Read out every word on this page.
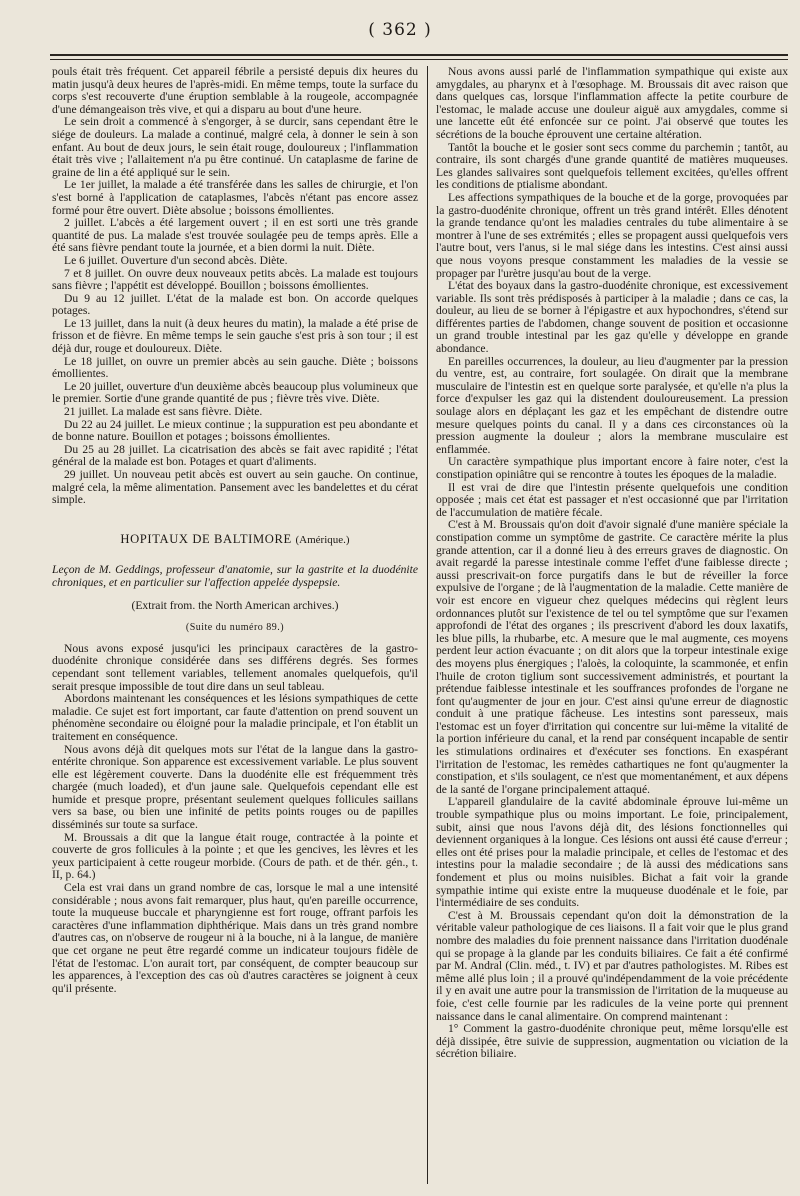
( 362 )

pouls était très fréquent. Cet appareil fébrile a persisté depuis dix heures du matin jusqu'à deux heures de l'après-midi. En même temps, toute la surface du corps s'est recouverte d'une éruption semblable à la rougeole, accompagnée d'une démangeaison très vive, et qui a disparu au bout d'une heure.

Le sein droit a commencé à s'engorger, à se durcir, sans cependant être le siége de douleurs. La malade a continué, malgré cela, à donner le sein à son enfant. Au bout de deux jours, le sein était rouge, douloureux ; l'inflammation était très vive ; l'allaitement n'a pu être continué. Un cataplasme de farine de graine de lin a été appliqué sur le sein.

Le 1er juillet, la malade a été transférée dans les salles de chirurgie, et l'on s'est borné à l'application de cataplasmes, l'abcès n'étant pas encore assez formé pour être ouvert. Diète absolue ; boissons émollientes.

2 juillet. L'abcès a été largement ouvert ; il en est sorti une très grande quantité de pus. La malade s'est trouvée soulagée peu de temps après. Elle a été sans fièvre pendant toute la journée, et a bien dormi la nuit. Diète.

Le 6 juillet. Ouverture d'un second abcès. Diète.

7 et 8 juillet. On ouvre deux nouveaux petits abcès. La malade est toujours sans fièvre ; l'appétit est développé. Bouillon ; boissons émollientes.

Du 9 au 12 juillet. L'état de la malade est bon. On accorde quelques potages.

Le 13 juillet, dans la nuit (à deux heures du matin), la malade a été prise de frisson et de fièvre. En même temps le sein gauche s'est pris à son tour ; il est déjà dur, rouge et douloureux. Diète.

Le 18 juillet, on ouvre un premier abcès au sein gauche. Diète ; boissons émollientes.

Le 20 juillet, ouverture d'un deuxième abcès beaucoup plus volumineux que le premier. Sortie d'une grande quantité de pus ; fièvre très vive. Diète.

21 juillet. La malade est sans fièvre. Diète.

Du 22 au 24 juillet. Le mieux continue ; la suppuration est peu abondante et de bonne nature. Bouillon et potages ; boissons émollientes.

Du 25 au 28 juillet. La cicatrisation des abcès se fait avec rapidité ; l'état général de la malade est bon. Potages et quart d'aliments.

29 juillet. Un nouveau petit abcès est ouvert au sein gauche. On continue, malgré cela, la même alimentation. Pansement avec les bandelettes et du cérat simple.

HOPITAUX DE BALTIMORE (Amérique.)

Leçon de M. Geddings, professeur d'anatomie, sur la gastrite et la duodénite chroniques, et en particulier sur l'affection appelée dyspepsie.

(Extrait from. the North American archives.)

(Suite du numéro 89.)

Nous avons exposé jusqu'ici les principaux caractères de la gastro-duodénite chronique considérée dans ses différens degrés. Ses formes cependant sont tellement variables, tellement anomales quelquefois, qu'il serait presque impossible de tout dire dans un seul tableau.

Abordons maintenant les conséquences et les lésions sympathiques de cette maladie. Ce sujet est fort important, car faute d'attention on prend souvent un phénomène secondaire ou éloigné pour la maladie principale, et l'on établit un traitement en conséquence.

Nous avons déjà dit quelques mots sur l'état de la langue dans la gastro-entérite chronique. Son apparence est excessivement variable. Le plus souvent elle est légèrement couverte. Dans la duodénite elle est fréquemment très chargée (much loaded), et d'un jaune sale. Quelquefois cependant elle est humide et presque propre, présentant seulement quelques follicules saillans vers sa base, ou bien une infinité de petits points rouges ou de papilles disséminés sur toute sa surface.

M. Broussais a dit que la langue était rouge, contractée à la pointe et couverte de gros follicules à la pointe ; et que les gencives, les lèvres et les yeux participaient à cette rougeur morbide. (Cours de path. et de thér. gén., t. II, p. 64.)

Cela est vrai dans un grand nombre de cas, lorsque le mal a une intensité considérable ; nous avons fait remarquer, plus haut, qu'en pareille occurrence, toute la muqueuse buccale et pharyngienne est fort rouge, offrant parfois les caractères d'une inflammation diphthérique. Mais dans un très grand nombre d'autres cas, on n'observe de rougeur ni à la bouche, ni à la langue, de manière que cet organe ne peut être regardé comme un indicateur toujours fidèle de l'état de l'estomac. L'on aurait tort, par conséquent, de compter beaucoup sur les apparences, à l'exception des cas où d'autres caractères se joignent à ceux qu'il présente.

Nous avons aussi parlé de l'inflammation sympathique qui existe aux amygdales, au pharynx et à l'œsophage. M. Broussais dit avec raison que dans quelques cas, lorsque l'inflammation affecte la petite courbure de l'estomac, le malade accuse une douleur aiguë aux amygdales, comme si une lancette eût été enfoncée sur ce point. J'ai observé que toutes les sécrétions de la bouche éprouvent une certaine altération.

Tantôt la bouche et le gosier sont secs comme du parchemin ; tantôt, au contraire, ils sont chargés d'une grande quantité de matières muqueuses. Les glandes salivaires sont quelquefois tellement excitées, qu'elles offrent les conditions de ptialisme abondant.

Les affections sympathiques de la bouche et de la gorge, provoquées par la gastro-duodénite chronique, offrent un très grand intérêt. Elles dénotent la grande tendance qu'ont les maladies centrales du tube alimentaire à se montrer à l'une de ses extrémités ; elles se propagent aussi quelquefois vers l'autre bout, vers l'anus, si le mal siége dans les intestins. C'est ainsi aussi que nous voyons presque constamment les maladies de la vessie se propager par l'urètre jusqu'au bout de la verge.

L'état des boyaux dans la gastro-duodénite chronique, est excessivement variable. Ils sont très prédisposés à participer à la maladie ; dans ce cas, la douleur, au lieu de se borner à l'épigastre et aux hypochondres, s'étend sur différentes parties de l'abdomen, change souvent de position et occasionne un grand trouble intestinal par les gaz qu'elle y développe en grande abondance.

En pareilles occurrences, la douleur, au lieu d'augmenter par la pression du ventre, est, au contraire, fort soulagée. On dirait que la membrane musculaire de l'intestin est en quelque sorte paralysée, et qu'elle n'a plus la force d'expulser les gaz qui la distendent douloureusement. La pression soulage alors en déplaçant les gaz et les empêchant de distendre outre mesure quelques points du canal. Il y a dans ces circonstances où la pression augmente la douleur ; alors la membrane musculaire est enflammée.

Un caractère sympathique plus important encore à faire noter, c'est la constipation opiniâtre qui se rencontre à toutes les époques de la maladie.

Il est vrai de dire que l'intestin présente quelquefois une condition opposée ; mais cet état est passager et n'est occasionné que par l'irritation de l'accumulation de matière fécale.

C'est à M. Broussais qu'on doit d'avoir signalé d'une manière spéciale la constipation comme un symptôme de gastrite. Ce caractère mérite la plus grande attention, car il a donné lieu à des erreurs graves de diagnostic. On avait regardé la paresse intestinale comme l'effet d'une faiblesse directe ; aussi prescrivait-on force purgatifs dans le but de réveiller la force expulsive de l'organe ; de là l'augmentation de la maladie. Cette manière de voir est encore en vigueur chez quelques médecins qui règlent leurs ordonnances plutôt sur l'existence de tel ou tel symptôme que sur l'examen approfondi de l'état des organes ; ils prescrivent d'abord les doux laxatifs, les blue pills, la rhubarbe, etc. A mesure que le mal augmente, ces moyens perdent leur action évacuante ; on dit alors que la torpeur intestinale exige des moyens plus énergiques ; l'aloès, la coloquinte, la scammonée, et enfin l'huile de croton tiglium sont successivement administrés, et pourtant la prétendue faiblesse intestinale et les souffrances profondes de l'organe ne font qu'augmenter de jour en jour. C'est ainsi qu'une erreur de diagnostic conduit à une pratique fâcheuse. Les intestins sont paresseux, mais l'estomac est un foyer d'irritation qui concentre sur lui-même la vitalité de la portion inférieure du canal, et la rend par conséquent incapable de sentir les stimulations ordinaires et d'exécuter ses fonctions. En exaspérant l'irritation de l'estomac, les remèdes cathartiques ne font qu'augmenter la constipation, et s'ils soulagent, ce n'est que momentanément, et aux dépens de la santé de l'organe principalement attaqué.

L'appareil glandulaire de la cavité abdominale éprouve lui-même un trouble sympathique plus ou moins important. Le foie, principalement, subit, ainsi que nous l'avons déjà dit, des lésions fonctionnelles qui deviennent organiques à la longue. Ces lésions ont aussi été cause d'erreur ; elles ont été prises pour la maladie principale, et celles de l'estomac et des intestins pour la maladie secondaire ; de là aussi des médications sans fondement et plus ou moins nuisibles. Bichat a fait voir la grande sympathie intime qui existe entre la muqueuse duodénale et le foie, par l'intermédiaire de ses conduits.

C'est à M. Broussais cependant qu'on doit la démonstration de la véritable valeur pathologique de ces liaisons. Il a fait voir que le plus grand nombre des maladies du foie prennent naissance dans l'irritation duodénale qui se propage à la glande par les conduits biliaires. Ce fait a été confirmé par M. Andral (Clin. méd., t. IV) et par d'autres pathologistes. M. Ribes est même allé plus loin ; il a prouvé qu'indépendamment de la voie précédente il y en avait une autre pour la transmission de l'irritation de la muqueuse au foie, c'est celle fournie par les radicules de la veine porte qui prennent naissance dans le canal alimentaire. On comprend maintenant :

1° Comment la gastro-duodénite chronique peut, même lorsqu'elle est déjà dissipée, être suivie de suppression, augmentation ou viciation de la sécrétion biliaire.
